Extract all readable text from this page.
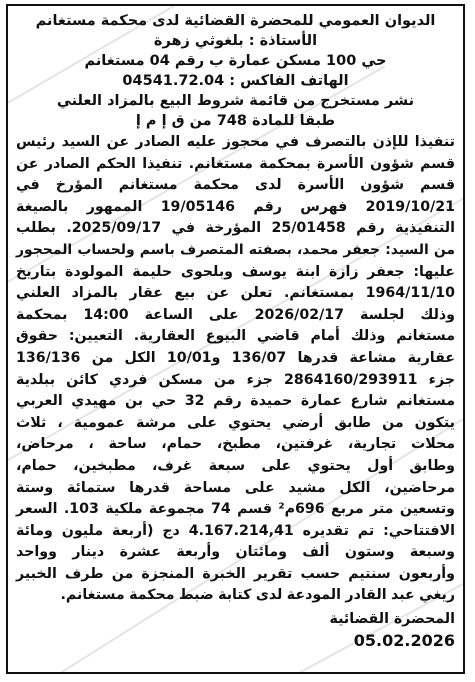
الديوان العمومي للمحضرة القضائية لدى محكمة مستغانم
الأستاذة : بلغوثي زهرة
حي 100 مسكن عمارة ب رقم 04 مستغانم
الهاتف الفاكس : 04541.72.04
نشر مستخرج من قائمة شروط البيع بالمزاد العلني
طبقا للمادة 748 من ق إ م إ
تنفيذا للإذن بالتصرف في محجوز عليه الصادر عن السيد رئيس
قسم شؤون الأسرة بمحكمة مستغانم. تنفيذا الحكم الصادر عن
قسم شؤون الأسرة لدى محكمة مستغانم المؤرخ في
2019/10/21 فهرس رقم 19/05146 الممهور بالصيغة
التنفيذية رقم 25/01458 المؤرخة في 2025/09/17. بطلب
من السيد: جعفر محمد، بصفته المتصرف باسم ولحساب المحجور
عليها: جعفر زازة ابنة يوسف وبلحوى حليمة المولودة بتاريخ
1964/11/10 بمستغانم. تعلن عن بيع عقار بالمزاد العلني
وذلك لجلسة 2026/02/17 على الساعة 14:00 بمحكمة
مستغانم وذلك أمام قاضي البيوع العقارية. التعيين: حقوق
عقارية مشاعة قدرها 136/07 و10/01 الكل من 136/136
جزء 2864160/293911 جزء من مسكن فردي كائن ببلدية
مستغانم شارع عمارة حميدة رقم 32 حي بن مهيدي العربي
يتكون من طابق أرضي يحتوي على مرشة عمومية ، ثلاث
محلات تجارية، غرفتين، مطبخ، حمام، ساحة ، مرحاض،
وطابق أول يحتوي على سبعة غرف، مطبخين، حمام،
مرحاضين، الكل مشيد على مساحة قدرها ستمائة وستة
وتسعين متر مربع 696م² قسم 74 مجموعة ملكية 103. السعر
الافتتاحي: تم تقديره 4.167.214,41 دج (أربعة مليون ومائة
وسبعة وستون ألف ومائتان وأربعة عشرة دينار وواحد
وأربعون سنتيم حسب تقرير الخبرة المنجزة من طرف الخبير
ريغي عبد القادر المودعة لدى كتابة ضبط محكمة مستغانم.
المحضرة القضائية
05.02.2026
